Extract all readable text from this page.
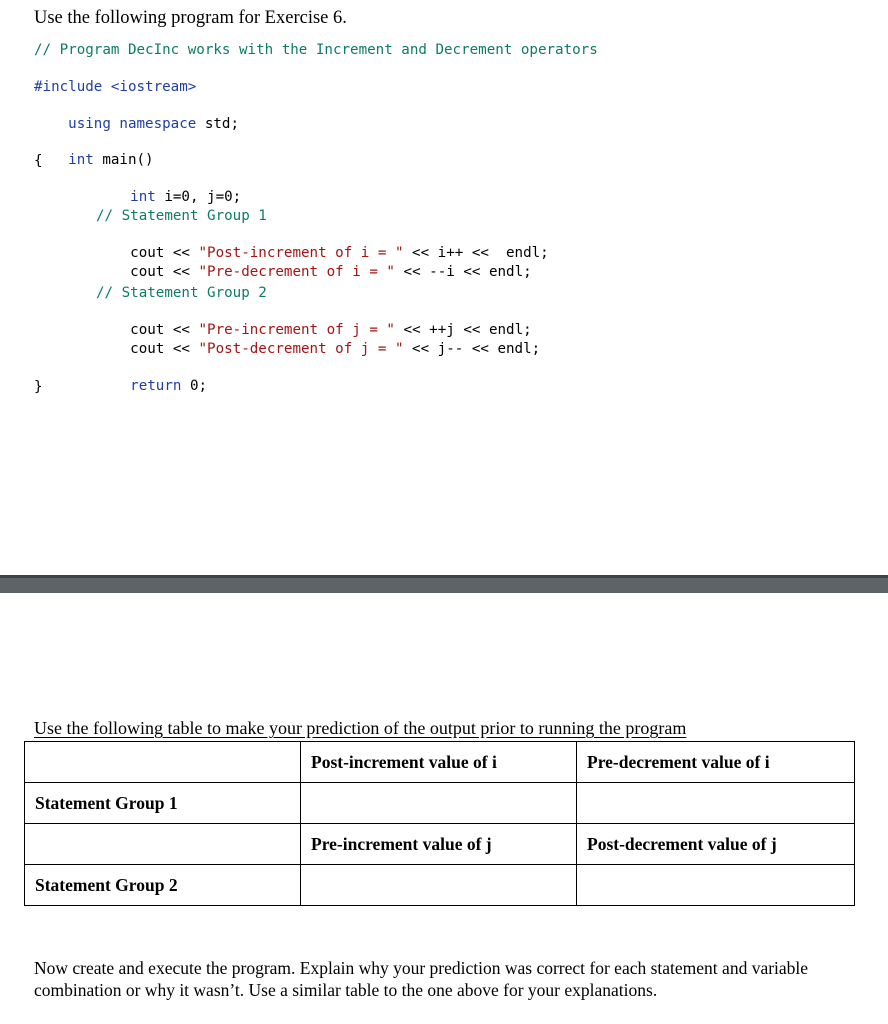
Use the following program for Exercise 6.
// Program DecInc works with the Increment and Decrement operators
#include <iostream>

using namespace std;

int main()

{

int i=0, j=0;

// Statement Group 1

cout << "Post-increment of i = " << i++ <<  endl;

cout << "Pre-decrement of i = " << --i << endl;

// Statement Group 2

cout << "Pre-increment of j = " << ++j << endl;

cout << "Post-decrement of j = " << j-- << endl;

return 0;

}
Use the following table to make your prediction of the output prior to running the program
	Post-increment value of i	Pre-decrement value of i
Statement Group 1		
	Pre-increment value of j	Post-decrement value of j
Statement Group 2		
Now create and execute the program. Explain why your prediction was correct for each statement and variable combination or why it wasn’t. Use a similar table to the one above for your explanations.
